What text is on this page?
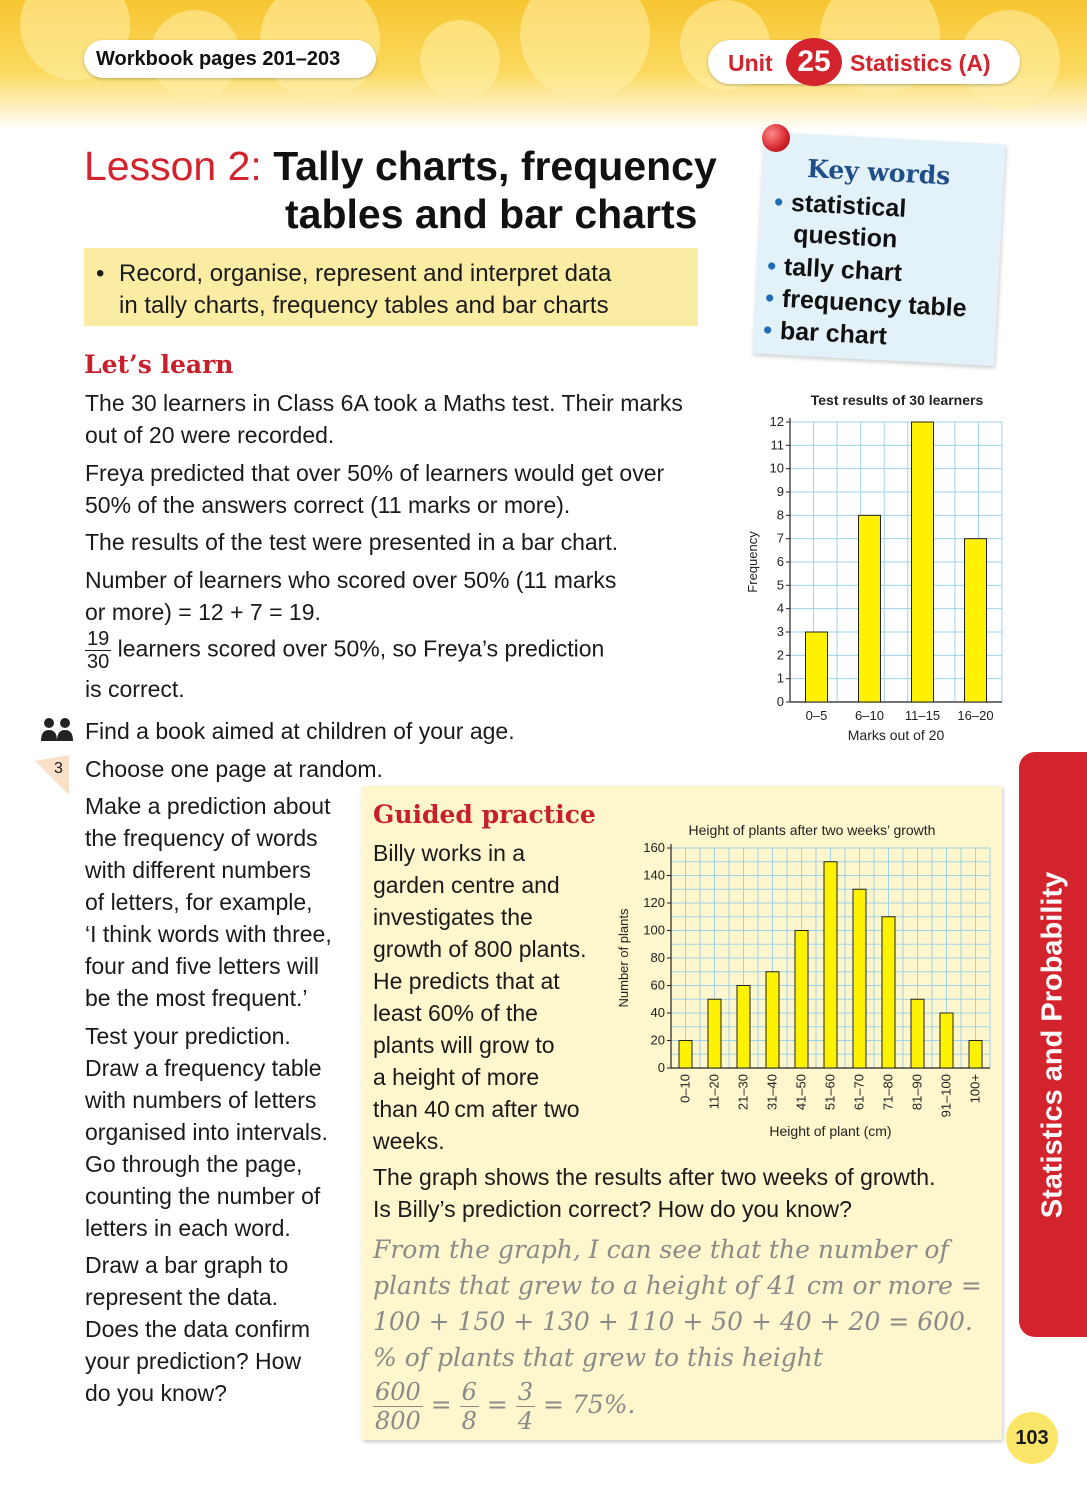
Workbook pages 201–203	Unit 25 Statistics (A)
Lesson 2: Tally charts, frequency
tables and bar charts
• Record, organise, represent and interpret data
in tally charts, frequency tables and bar charts
Key words
• statistical
question
• tally chart
• frequency table
• bar chart
Let’s learn
The 30 learners in Class 6A took a Maths test. Their marks
out of 20 were recorded.
Freya predicted that over 50% of learners would get over
50% of the answers correct (11 marks or more).
The results of the test were presented in a bar chart.
Number of learners who scored over 50% (11 marks
or more) = 12 + 7 = 19.
$\frac{19}{30}$ learners scored over 50%, so Freya’s prediction
is correct.	0
1
2
3
4
5
6
7
8
9
10
11
12
0–5 6–10 11–15 16–20
Test results of 30 learners
Marks out of 20
Frequency
Find a book aimed at children of your age.
3 Choose one page at random.
Make a prediction about
the frequency of words
with different numbers
of letters, for example,
‘I think words with three,
four and five letters will
be the most frequent.’
Test your prediction.
Draw a frequency table
with numbers of letters
organised into intervals.
Go through the page,
counting the number of
letters in each word.
Draw a bar graph to
represent the data.
Does the data confirm
your prediction? How
do you know?
Guided practice
Billy works in a
garden centre and
investigates the
growth of 800 plants.
He predicts that at
least 60% of the
plants will grow to
a height of more
than 40 cm after two
weeks.
0
20
40
60
80
100
120
140
160
0–10 11–20 21–30 31–40 41–50 51–60 61–70 71–80 81–90 91–100 100+
Height of plants after two weeks’ growth
Height of plant (cm)
Number of plants
The graph shows the results after two weeks of growth.
Is Billy’s prediction correct? How do you know?
From the graph, I can see that the number of
plants that grew to a height of 41 cm or more =
100 + 150 + 130 + 110 + 50 + 40 + 20 = 600.
% of plants that grew to this height
$\frac{600}{800} = \frac{6}{8} = \frac{3}{4} = 75\%$.
Statistics and Probability
103
